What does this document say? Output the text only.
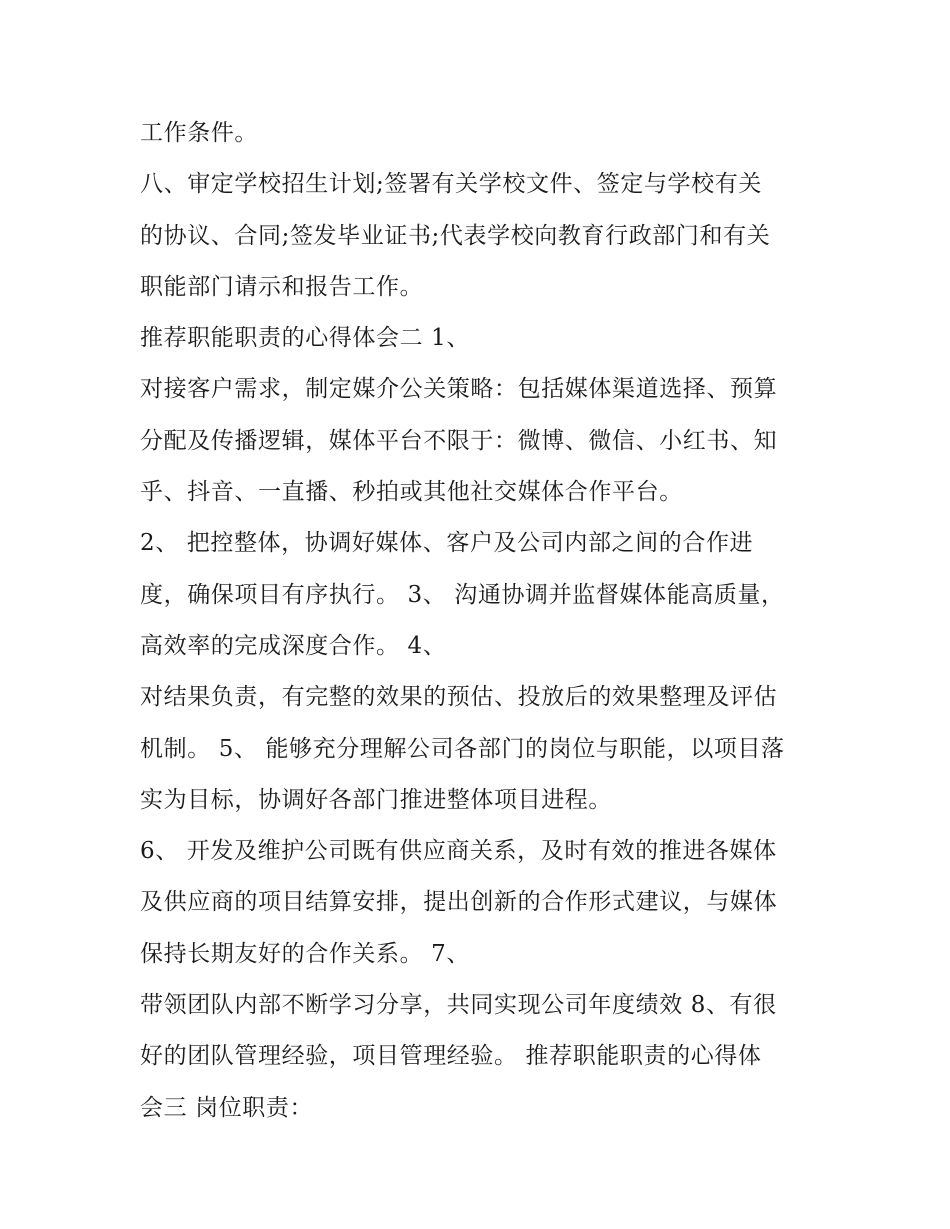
工作条件。
八、审定学校招生计划;签署有关学校文件、签定与学校有关
的协议、合同;签发毕业证书;代表学校向教育行政部门和有关
职能部门请示和报告工作。
推荐职能职责的心得体会二 1、
对接客户需求，制定媒介公关策略：包括媒体渠道选择、预算
分配及传播逻辑，媒体平台不限于：微博、微信、小红书、知
乎、抖音、一直播、秒拍或其他社交媒体合作平台。
2、 把控整体，协调好媒体、客户及公司内部之间的合作进
度，确保项目有序执行。 3、 沟通协调并监督媒体能高质量，
高效率的完成深度合作。 4、
对结果负责，有完整的效果的预估、投放后的效果整理及评估
机制。 5、 能够充分理解公司各部门的岗位与职能，以项目落
实为目标，协调好各部门推进整体项目进程。
6、 开发及维护公司既有供应商关系，及时有效的推进各媒体
及供应商的项目结算安排，提出创新的合作形式建议，与媒体
保持长期友好的合作关系。 7、
带领团队内部不断学习分享，共同实现公司年度绩效 8、有很
好的团队管理经验，项目管理经验。 推荐职能职责的心得体
会三 岗位职责：
